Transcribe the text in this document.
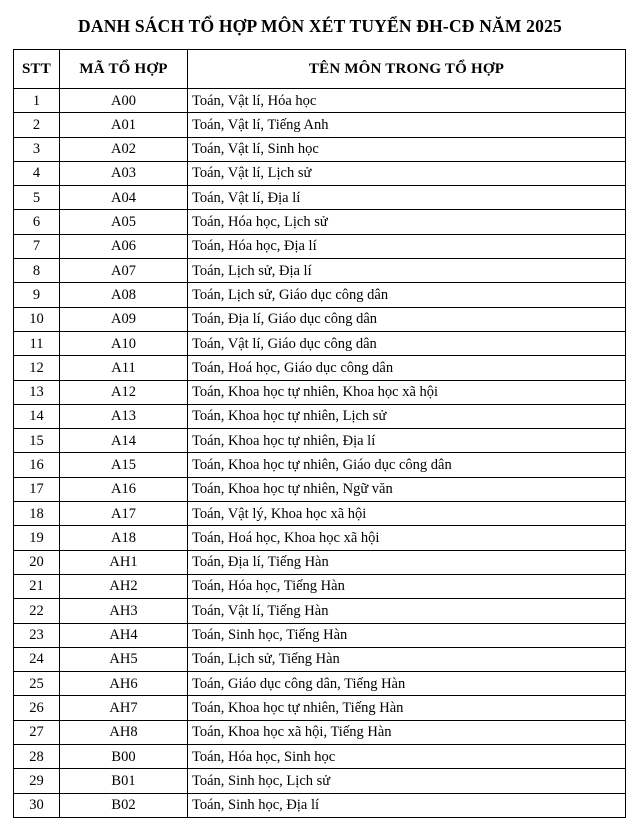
DANH SÁCH TỔ HỢP MÔN XÉT TUYỂN ĐH-CĐ NĂM 2025
STT	MÃ TỔ HỢP	TÊN MÔN TRONG TỔ HỢP
1	A00	Toán, Vật lí, Hóa học
2	A01	Toán, Vật lí, Tiếng Anh
3	A02	Toán, Vật lí, Sinh học
4	A03	Toán, Vật lí, Lịch sử
5	A04	Toán, Vật lí, Địa lí
6	A05	Toán, Hóa học, Lịch sử
7	A06	Toán, Hóa học, Địa lí
8	A07	Toán, Lịch sử, Địa lí
9	A08	Toán, Lịch sử, Giáo dục công dân
10	A09	Toán, Địa lí, Giáo dục công dân
11	A10	Toán, Vật lí, Giáo dục công dân
12	A11	Toán, Hoá học, Giáo dục công dân
13	A12	Toán, Khoa học tự nhiên, Khoa học xã hội
14	A13	Toán, Khoa học tự nhiên, Lịch sử
15	A14	Toán, Khoa học tự nhiên, Địa lí
16	A15	Toán, Khoa học tự nhiên, Giáo dục công dân
17	A16	Toán, Khoa học tự nhiên, Ngữ văn
18	A17	Toán, Vật lý, Khoa học xã hội
19	A18	Toán, Hoá học, Khoa học xã hội
20	AH1	Toán, Địa lí, Tiếng Hàn
21	AH2	Toán, Hóa học, Tiếng Hàn
22	AH3	Toán, Vật lí, Tiếng Hàn
23	AH4	Toán, Sinh học, Tiếng Hàn
24	AH5	Toán, Lịch sử, Tiếng Hàn
25	AH6	Toán, Giáo dục công dân, Tiếng Hàn
26	AH7	Toán, Khoa học tự nhiên, Tiếng Hàn
27	AH8	Toán, Khoa học xã hội, Tiếng Hàn
28	B00	Toán, Hóa học, Sinh học
29	B01	Toán, Sinh học, Lịch sử
30	B02	Toán, Sinh học, Địa lí
